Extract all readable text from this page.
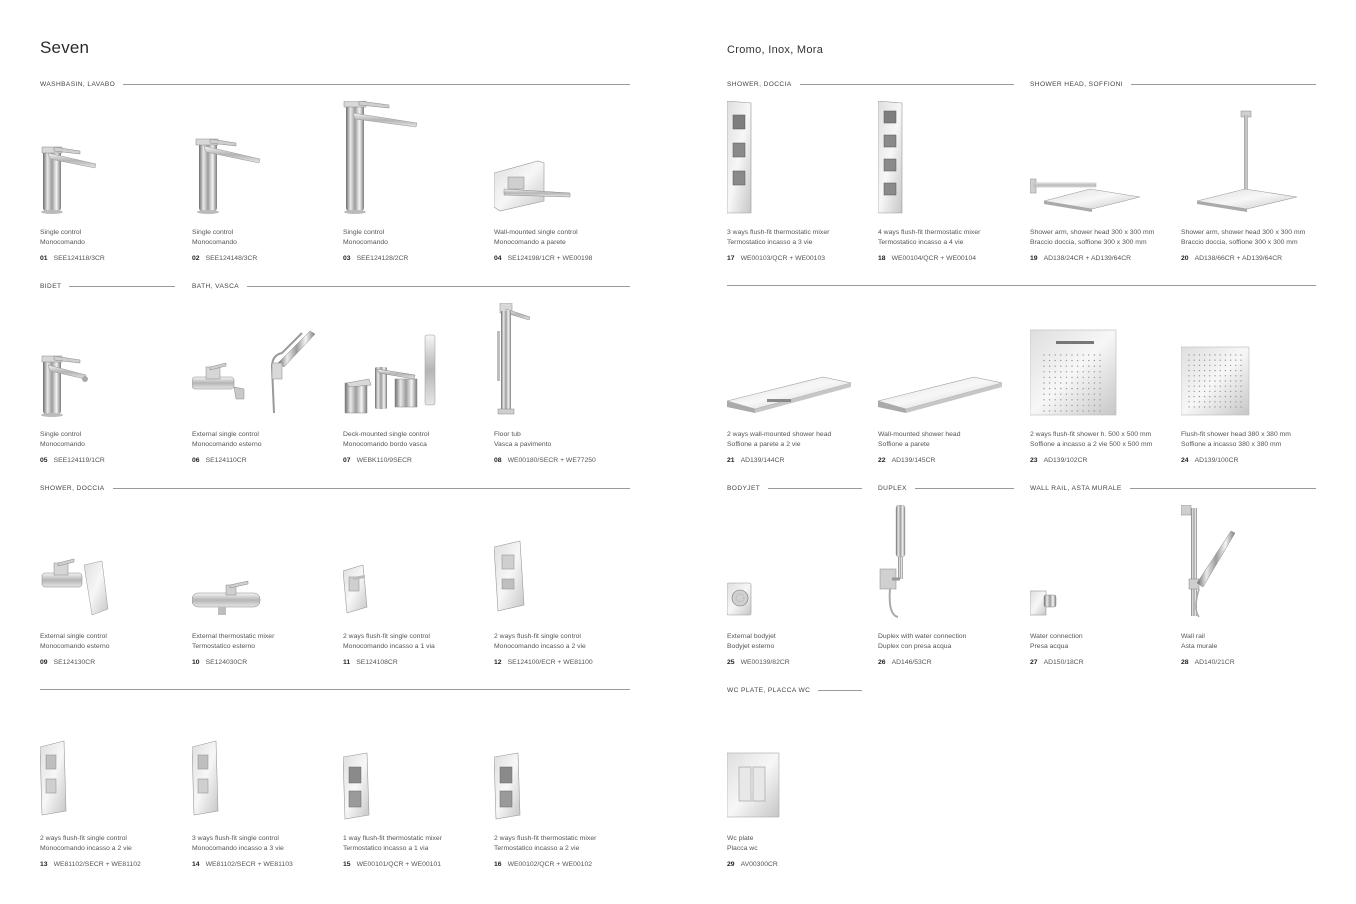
Seven	Cromo, Inox, Mora
WASHBASIN, LAVABO
BIDET	BATH, VASCA
SHOWER, DOCCIA
SHOWER, DOCCIA	SHOWER HEAD, SOFFIONI
BODYJET	DUPLEX	WALL RAIL, ASTA MURALE
WC PLATE, PLACCA WC
Single control
Monocomando
01 SEE124118/3CR
Single control
Monocomando
02 SEE124148/3CR
Single control
Monocomando
03 SEE124128/2CR
Wall-mounted single control
Monocomando a parete
04 SE124198/1CR + WE00198
Single control
Monocomando
05 SEE124119/1CR
External single control
Monocomando esterno
06 SE124110CR
Deck-mounted single control
Monocomando bordo vasca
07 WEBK110/9SECR
Floor tub
Vasca a pavimento
08 WE00180/SECR + WE77250
External single control
Monocomando esterno
09 SE124130CR
External thermostatic mixer
Termostatico esterno
10 SE124030CR
2 ways flush-fit single control
Monocomando incasso a 1 via
11 SE124108CR
2 ways flush-fit single control
Monocomando incasso a 2 vie
12 SE124100/ECR + WE81100
2 ways flush-fit single control
Monocomando incasso a 2 vie
13 WE81102/SECR + WE81102
3 ways flush-fit single control
Monocomando incasso a 3 vie
14 WE81102/SECR + WE81103
1 way flush-fit thermostatic mixer
Termostatico incasso a 1 via
15 WE00101/QCR + WE00101
2 ways flush-fit thermostatic mixer
Termostatico incasso a 2 vie
16 WE00102/QCR + WE00102
3 ways flush-fit thermostatic mixer
Termostatico incasso a 3 vie
17 WE00103/QCR + WE00103
4 ways flush-fit thermostatic mixer
Termostatico incasso a 4 vie
18 WE00104/QCR + WE00104
Shower arm, shower head 300 x 300 mm
Braccio doccia, soffione 300 x 300 mm
19 AD138/24CR + AD139/64CR
Shower arm, shower head 300 x 300 mm
Braccio doccia, soffione 300 x 300 mm
20 AD138/66CR + AD139/64CR
2 ways wall-mounted shower head
Soffione a parete a 2 vie
21 AD139/144CR
Wall-mounted shower head
Soffione a parete
22 AD139/145CR
2 ways flush-fit shower h. 500 x 500 mm
Soffione a incasso a 2 vie 500 x 500 mm
23 AD139/102CR
Flush-fit shower head 380 x 380 mm
Soffione a incasso 380 x 380 mm
24 AD139/100CR
External bodyjet
Bodyjet esterno
25 WE00139/82CR
Duplex with water connection
Duplex con presa acqua
26 AD146/53CR
Water connection
Presa acqua
27 AD150/18CR
Wall rail
Asta murale
28 AD140/21CR
Wc plate
Placca wc
29 AV00300CR
